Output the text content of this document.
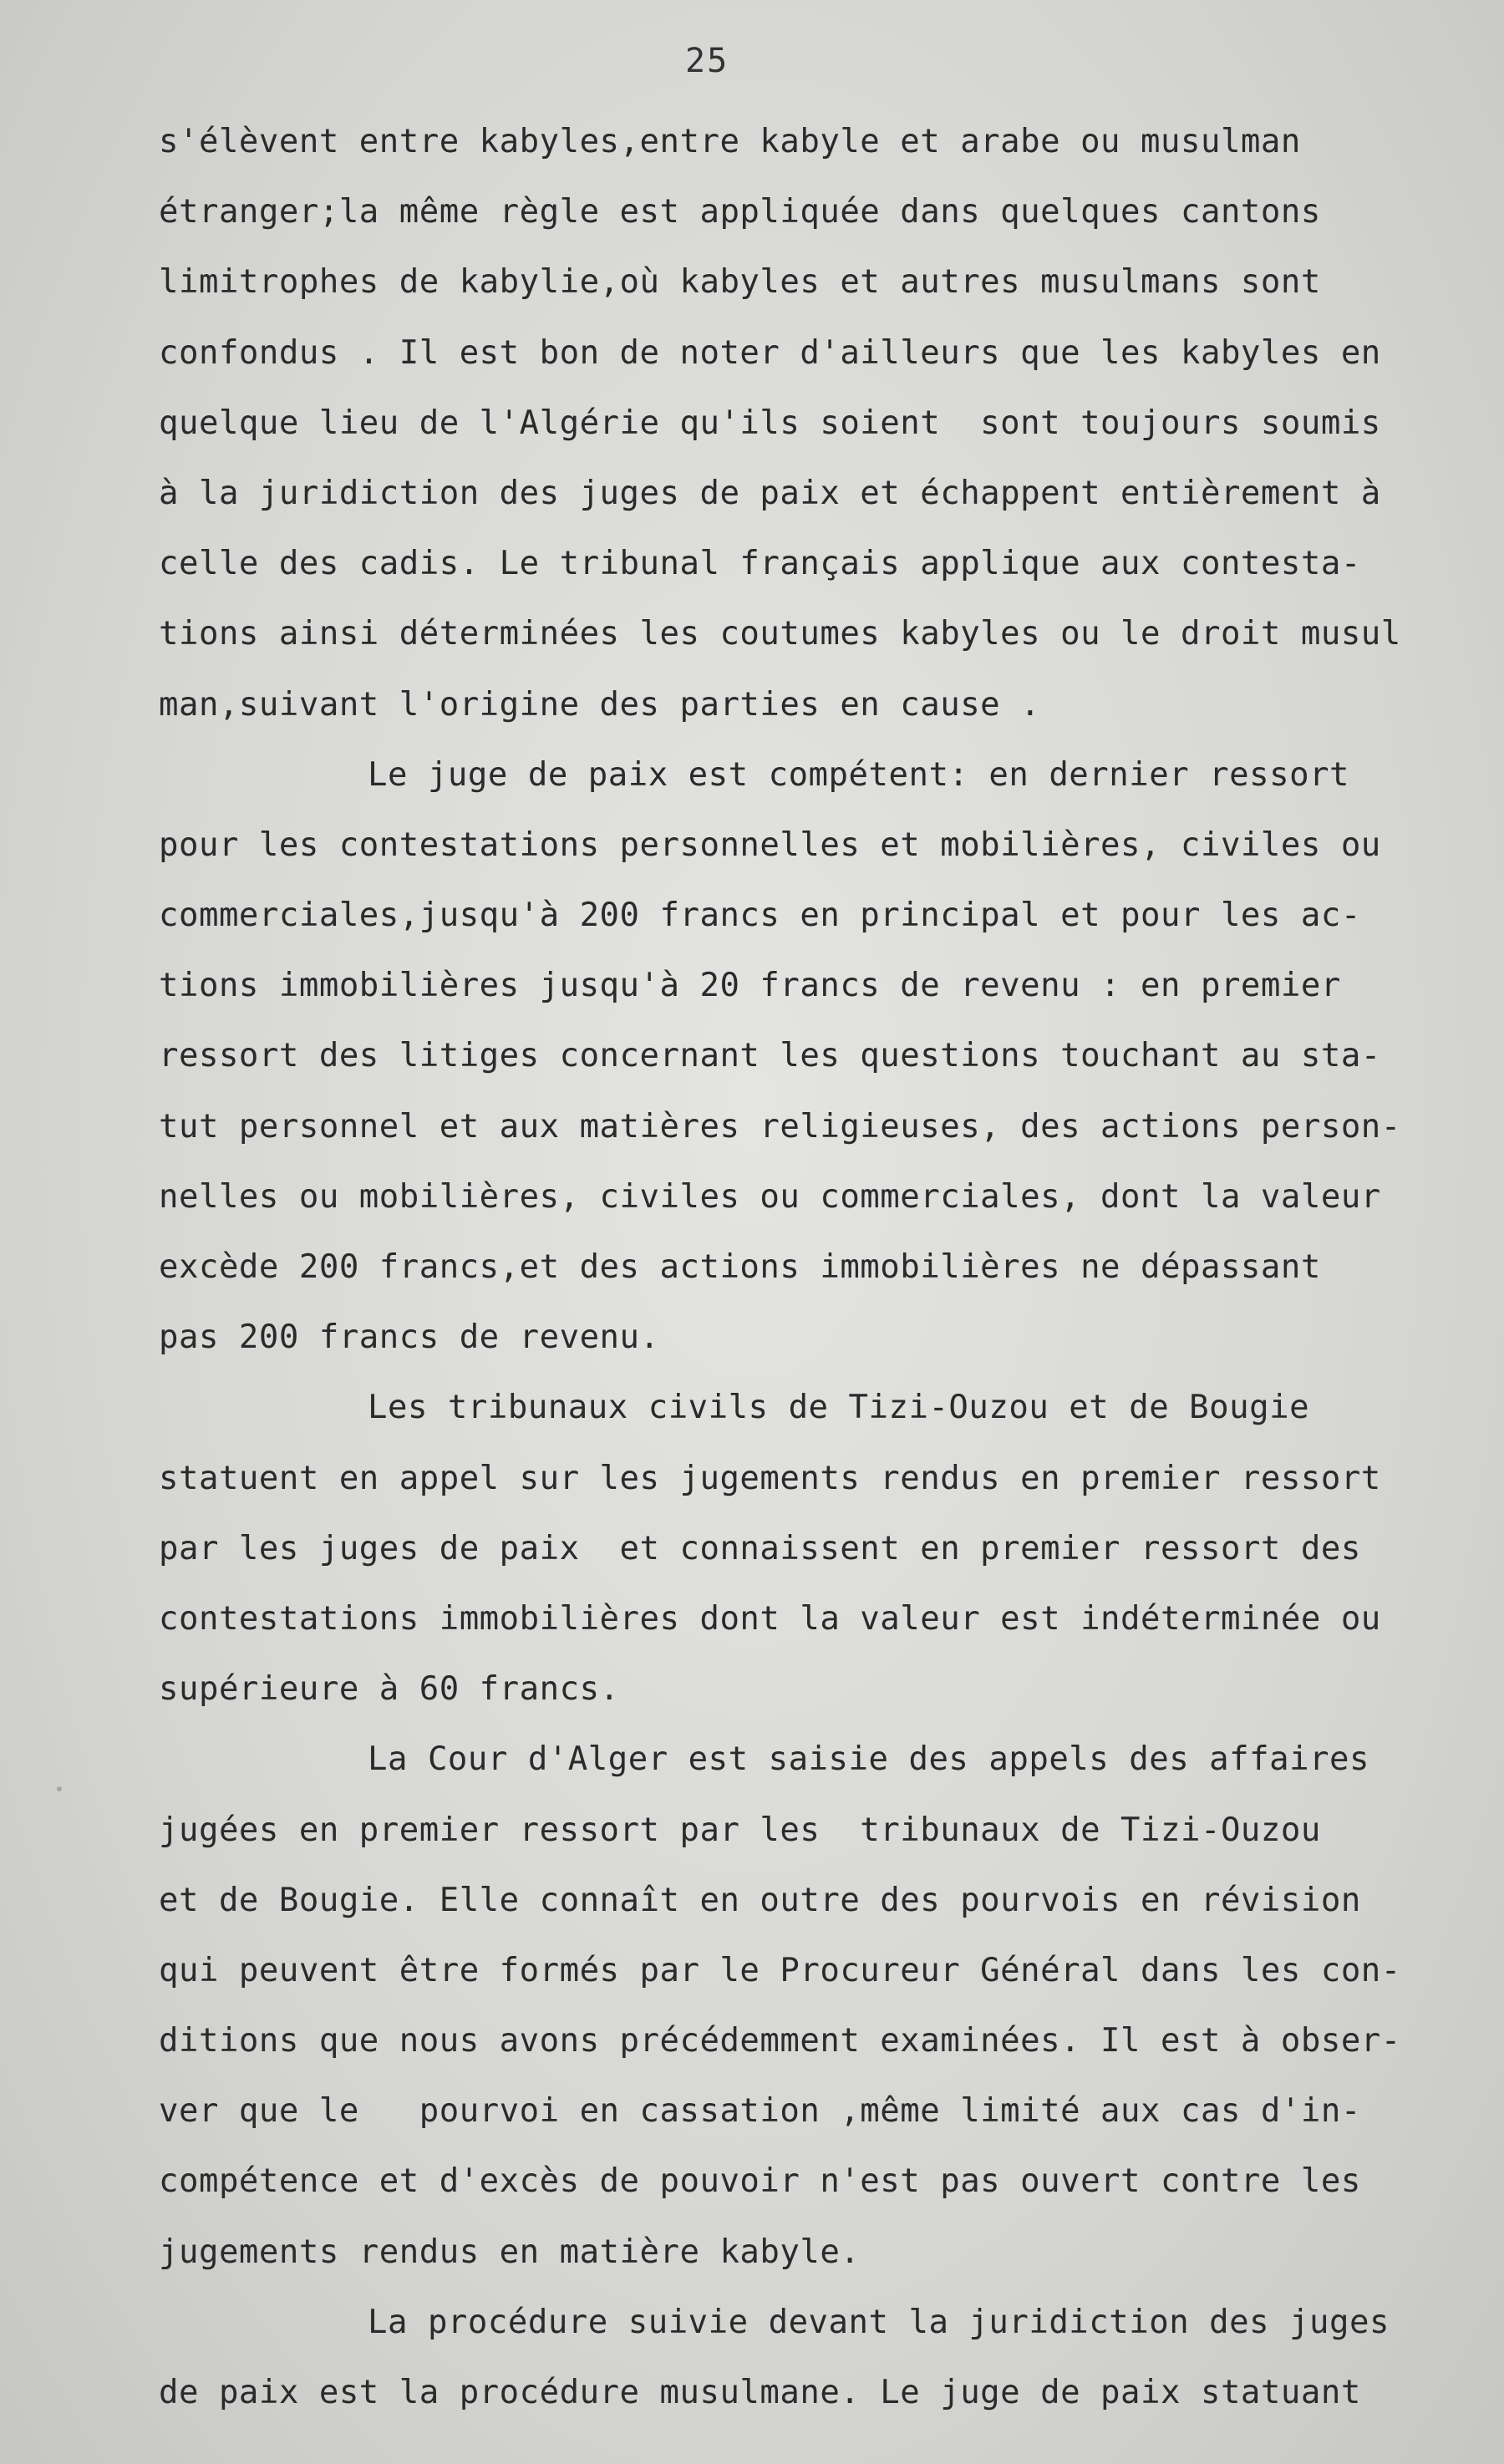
25
s'élèvent entre kabyles,entre kabyle et arabe ou musulman
étranger;la même règle est appliquée dans quelques cantons
limitrophes de kabylie,où kabyles et autres musulmans sont
confondus . Il est bon de noter d'ailleurs que les kabyles en
quelque lieu de l'Algérie qu'ils soient  sont toujours soumis
à la juridiction des juges de paix et échappent entièrement à
celle des cadis. Le tribunal français applique aux contesta-
tions ainsi déterminées les coutumes kabyles ou le droit musul
man,suivant l'origine des parties en cause .
Le juge de paix est compétent: en dernier ressort
pour les contestations personnelles et mobilières, civiles ou
commerciales,jusqu'à 200 francs en principal et pour les ac-
tions immobilières jusqu'à 20 francs de revenu : en premier
ressort des litiges concernant les questions touchant au sta-
tut personnel et aux matières religieuses, des actions person-
nelles ou mobilières, civiles ou commerciales, dont la valeur
excède 200 francs,et des actions immobilières ne dépassant
pas 200 francs de revenu.
Les tribunaux civils de Tizi-Ouzou et de Bougie
statuent en appel sur les jugements rendus en premier ressort
par les juges de paix  et connaissent en premier ressort des
contestations immobilières dont la valeur est indéterminée ou
supérieure à 60 francs.
La Cour d'Alger est saisie des appels des affaires
jugées en premier ressort par les  tribunaux de Tizi-Ouzou
et de Bougie. Elle connaît en outre des pourvois en révision
qui peuvent être formés par le Procureur Général dans les con-
ditions que nous avons précédemment examinées. Il est à obser-
ver que le   pourvoi en cassation ,même limité aux cas d'in-
compétence et d'excès de pouvoir n'est pas ouvert contre les
jugements rendus en matière kabyle.
La procédure suivie devant la juridiction des juges
de paix est la procédure musulmane. Le juge de paix statuant
